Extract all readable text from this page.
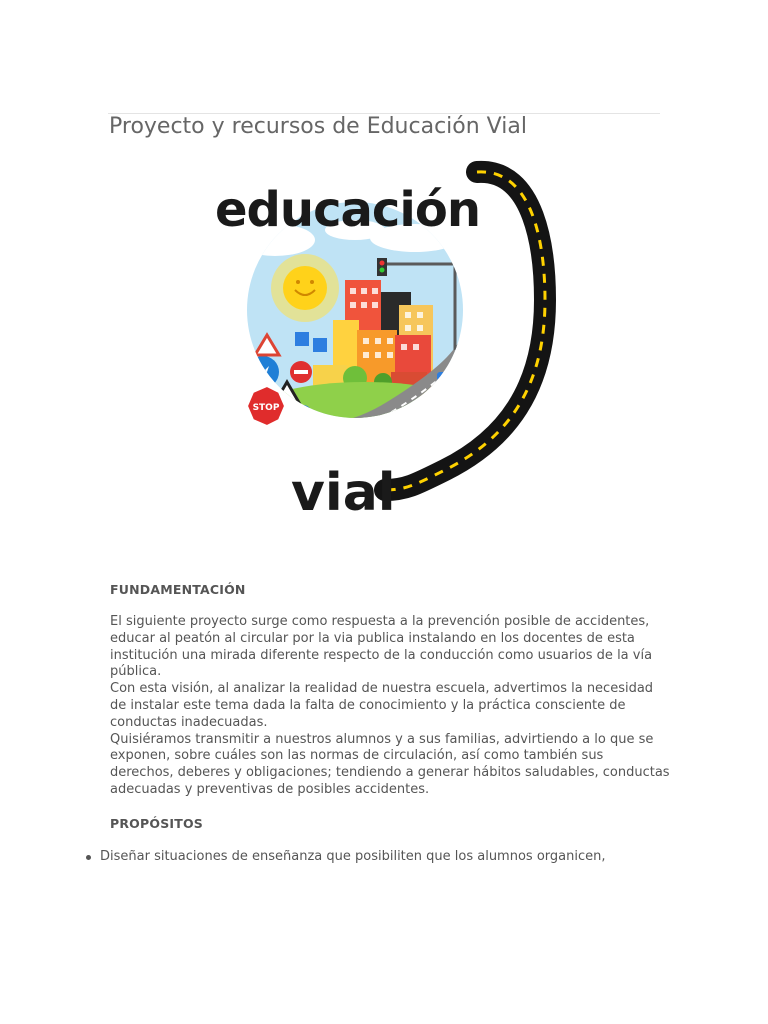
Proyecto y recursos de Educación Vial
STOP
educación
vial
FUNDAMENTACIÓN

El siguiente proyecto surge como respuesta a la prevención posible de accidentes, educar al peatón al circular por la via publica instalando en los docentes de esta institución una mirada diferente respecto de la conducción como usuarios de la vía pública.

Con esta visión, al analizar la realidad de nuestra escuela, advertimos la necesidad de instalar este tema dada la falta de conocimiento y la práctica consciente de conductas inadecuadas.

Quisiéramos transmitir a nuestros alumnos y a sus familias, advirtiendo a lo que se exponen, sobre cuáles son las normas de circulación, así como también sus derechos, deberes y obligaciones; tendiendo a generar hábitos saludables, conductas adecuadas y preventivas de posibles accidentes.

PROPÓSITOS
Diseñar situaciones de enseñanza que posibiliten que los alumnos organicen,
